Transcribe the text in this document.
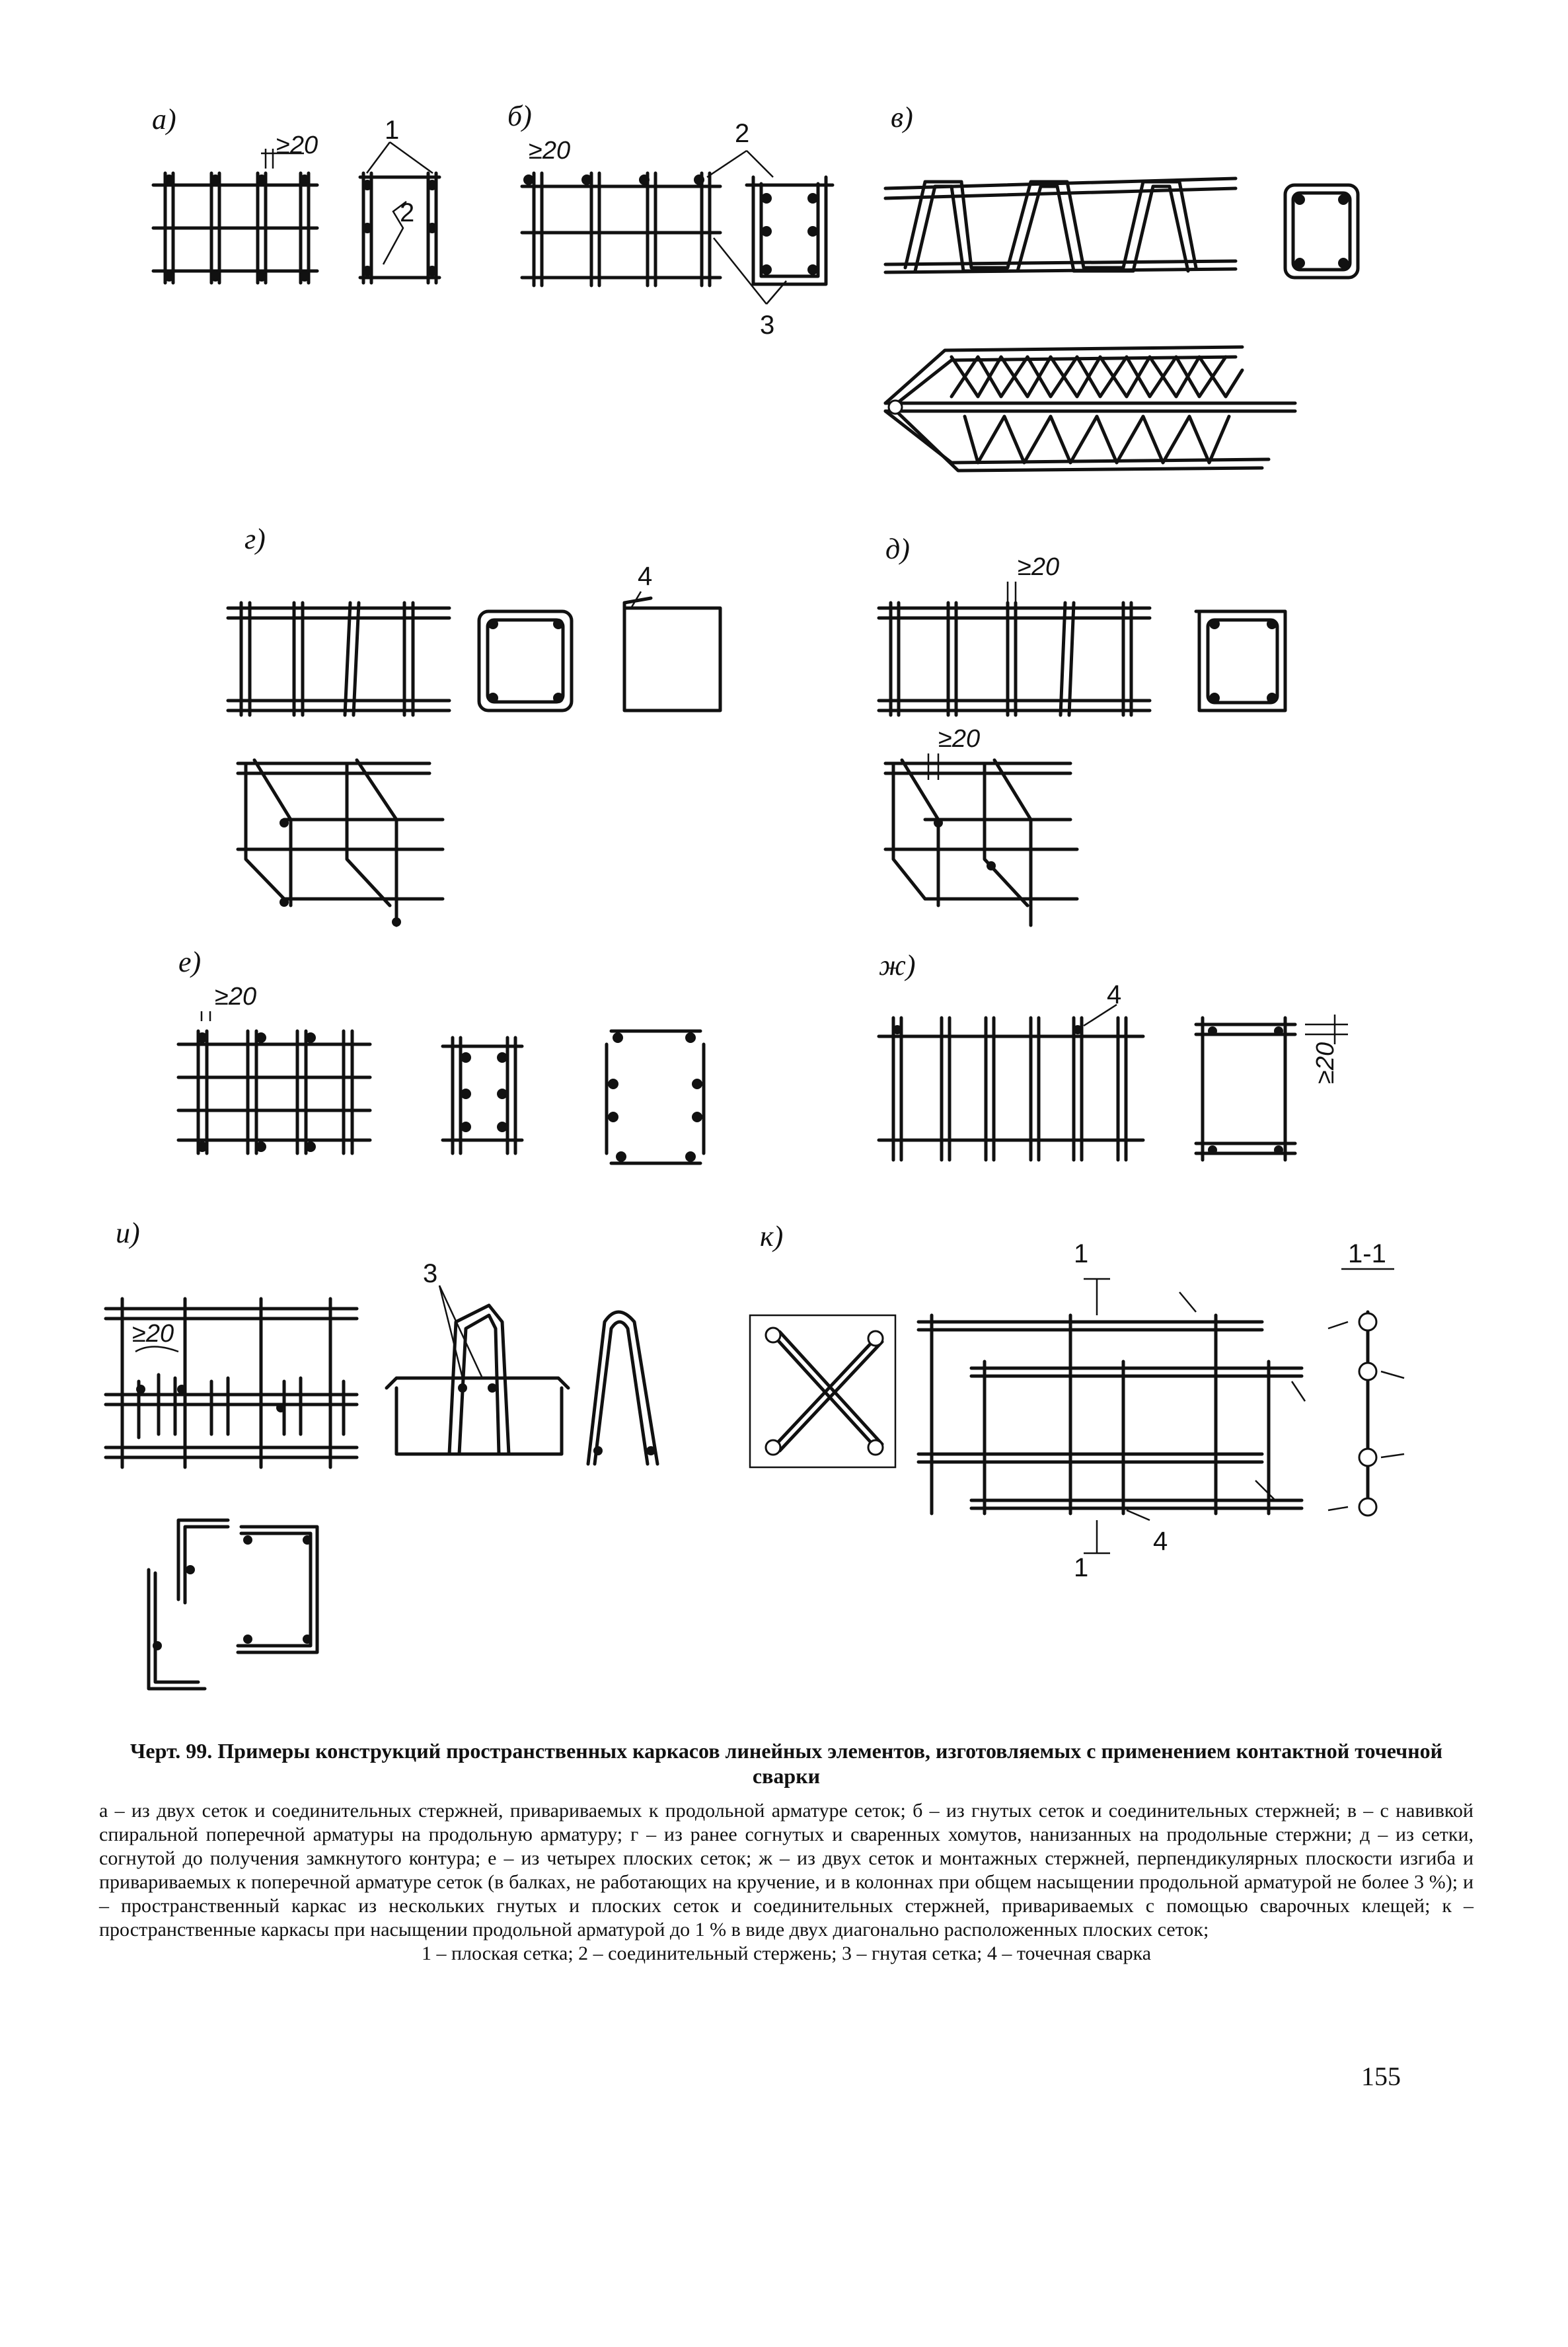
а)
≥20
1
2
б)
≥20
2
3
в)
г)
4
д)
≥20
≥20
е)
≥20
ж)
4
≥20
и)
≥20
3
к)
1
1
4
1-1
Черт. 99. Примеры конструкций пространственных каркасов линейных элементов, изготовляемых с применением контактной точечной сварки
а – из двух сеток и соединительных стержней, привариваемых к продольной арматуре сеток; б – из гнутых сеток и соединительных стержней; в – с навивкой спиральной поперечной арматуры на продольную арматуру; г – из ранее согнутых и сваренных хомутов, нанизанных на продольные стержни; д – из сетки, согнутой до получения замкнутого контура; е – из четырех плоских сеток; ж – из двух сеток и монтажных стержней, перпендикулярных плоскости изгиба и привариваемых к поперечной арматуре сеток (в балках, не работающих на кручение, и в колоннах при общем насыщении продольной арматурой не более 3 %); и – пространственный каркас из нескольких гнутых и плоских сеток и соединительных стержней, привариваемых с помощью сварочных клещей; к – пространственные каркасы при насыщении продольной арматурой до 1 % в виде двух диагонально расположенных плоских сеток;
1 – плоская сетка; 2 – соединительный стержень; 3 – гнутая сетка; 4 – точечная сварка
155
